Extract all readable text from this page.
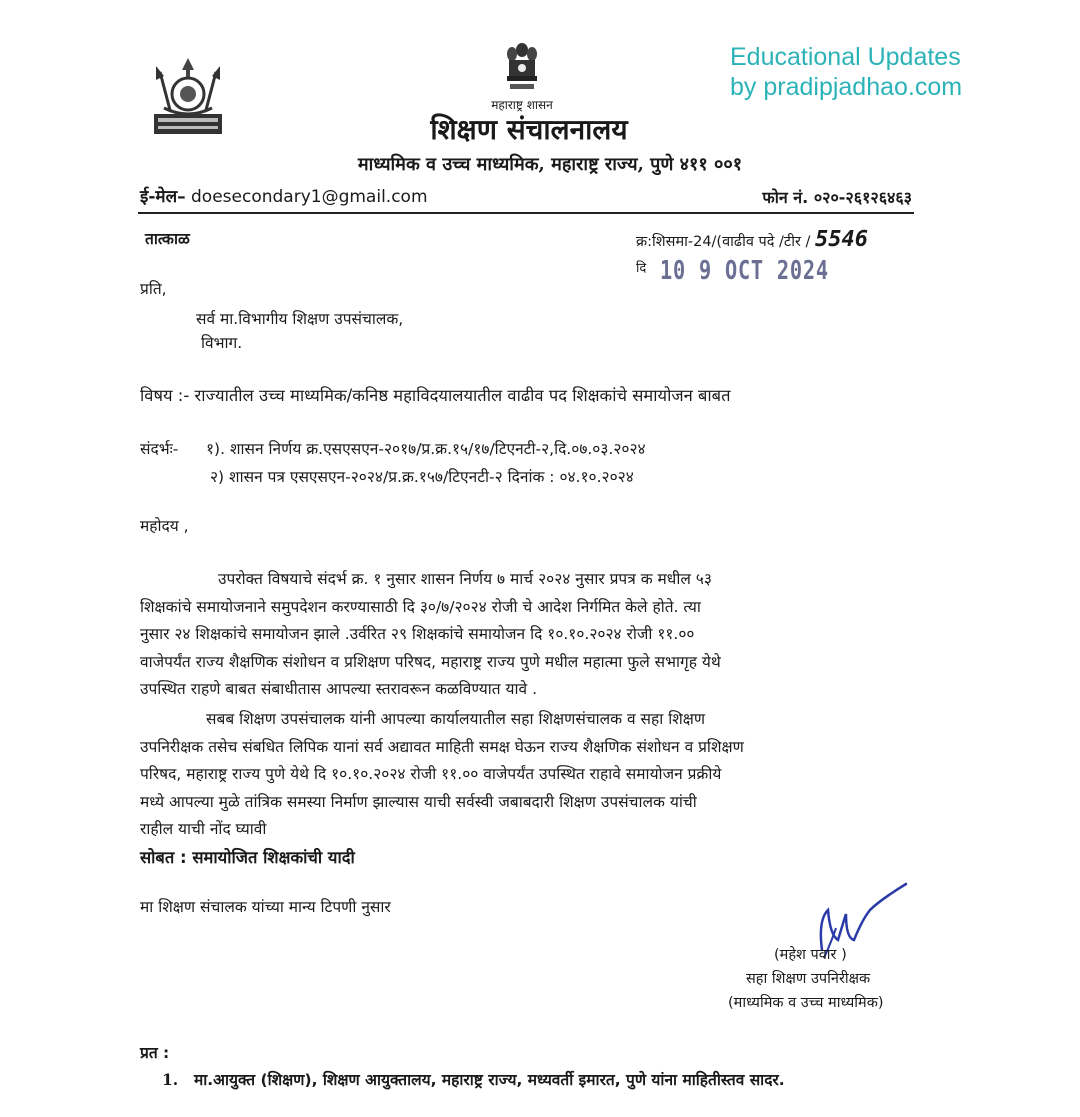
Educational Updates
by pradipjadhao.com
महाराष्ट्र शासन
शिक्षण संचालनालय
माध्यमिक व उच्च माध्यमिक, महाराष्ट्र राज्य, पुणे ४११ ००१
ई-मेल– doesecondary1@gmail.com	फोन नं. ०२०-२६१२६४६३
तात्काळ	क्र:शिसमा-24/(वाढीव पदे /टीर / 5546
दि 10 9 OCT 2024
प्रति,
सर्व मा.विभागीय शिक्षण उपसंचालक,
विभाग.
विषय :- राज्यातील उच्च माध्यमिक/कनिष्ठ महाविदयालयातील वाढीव पद शिक्षकांचे समायोजन बाबत
संदर्भः- १). शासन निर्णय क्र.एसएसएन-२०१७/प्र.क्र.१५/१७/टिएनटी-२,दि.०७.०३.२०२४
२) शासन पत्र एसएसएन-२०२४/प्र.क्र.१५७/टिएनटी-२ दिनांक : ०४.१०.२०२४
महोदय ,
उपरोक्त विषयाचे संदर्भ क्र. १ नुसार शासन निर्णय ७ मार्च २०२४ नुसार प्रपत्र क मधील ५३
शिक्षकांचे समायोजनाने समुपदेशन करण्यासाठी दि ३०/७/२०२४ रोजी चे आदेश निर्गमित केले होते. त्या
नुसार २४ शिक्षकांचे समायोजन झाले .उर्वरित २९ शिक्षकांचे समायोजन दि १०.१०.२०२४ रोजी ११.००
वाजेपर्यंत राज्य शैक्षणिक संशोधन व प्रशिक्षण परिषद, महाराष्ट्र राज्य पुणे मधील महात्मा फुले सभागृह येथे
उपस्थित राहणे बाबत संबाधीतास आपल्या स्तरावरून कळविण्यात यावे .
सबब शिक्षण उपसंचालक यांनी आपल्या कार्यालयातील सहा शिक्षणसंचालक व सहा शिक्षण
उपनिरीक्षक तसेच संबधित लिपिक यानां सर्व अद्यावत माहिती समक्ष घेऊन राज्य शैक्षणिक संशोधन व प्रशिक्षण
परिषद, महाराष्ट्र राज्य पुणे येथे दि १०.१०.२०२४ रोजी ११.०० वाजेपर्यंत उपस्थित राहावे समायोजन प्रक्रीये
मध्ये आपल्या मुळे तांत्रिक समस्या निर्माण झाल्यास याची सर्वस्वी जबाबदारी शिक्षण उपसंचालक यांची
राहील याची नोंद घ्यावी
सोबत : समायोजित शिक्षकांची यादी
मा शिक्षण संचालक यांच्या मान्य टिपणी नुसार
(महेश पवार )
सहा शिक्षण उपनिरीक्षक
(माध्यमिक व उच्च माध्यमिक)
प्रत :
1. मा.आयुक्त (शिक्षण), शिक्षण आयुक्तालय, महाराष्ट्र राज्य, मध्यवर्ती इमारत, पुणे यांना माहितीस्तव सादर.
